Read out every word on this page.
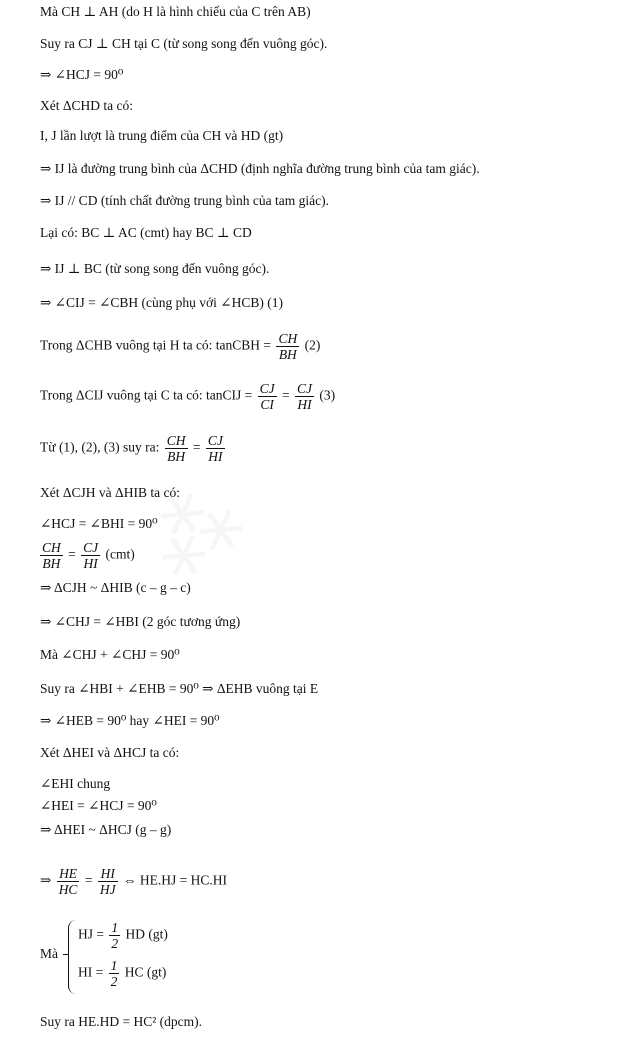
Mà CH ⊥ AH (do H là hình chiếu của C trên AB)
Suy ra CJ ⊥ CH tại C (từ song song đến vuông góc).
⇒ ∠HCJ = 90⁰
Xét ΔCHD ta có:
I, J lần lượt là trung điểm của CH và HD (gt)
⇒ IJ là đường trung bình của ΔCHD (định nghĩa đường trung bình của tam giác).
⇒ IJ // CD (tính chất đường trung bình của tam giác).
Lại có: BC ⊥ AC (cmt) hay BC ⊥ CD
⇒ IJ ⊥ BC (từ song song đến vuông góc).
⇒ ∠CIJ = ∠CBH (cùng phụ với ∠HCB) (1)
Trong ΔCHB vuông tại H ta có: tanCBH = $\frac{CH}{BH} (2)$
Trong ΔCIJ vuông tại C ta có: tanCIJ = $\frac{CJ}{CI} = \frac{CJ}{HI} (3)$
Từ (1), (2), (3) suy ra: $\frac{CH}{BH} = \frac{CJ}{HI}$
Xét ΔCJH và ΔHIB ta có:
∠HCJ = ∠BHI = 90⁰
$\frac{CH}{BH} = \frac{CJ}{HI} (cmt)$
⇒ ΔCJH ~ ΔHIB (c – g – c)
⇒ ∠CHJ = ∠HBI (2 góc tương ứng)
Mà ∠CHJ + ∠CHJ = 90⁰
Suy ra ∠HBI + ∠EHB = 90⁰ ⇒ ΔEHB vuông tại E
⇒ ∠HEB = 90⁰ hay ∠HEI = 90⁰
Xét ΔHEI và ΔHCJ ta có:
∠EHI chung
∠HEI = ∠HCJ = 90⁰
⇒ ΔHEI ~ ΔHCJ (g – g)
⇒ $\frac{HE}{HC} = \frac{HI}{HJ}$ ⇔ HE.HJ = HC.HI
Mà
HJ = $\frac{1}{2}$ HD (gt)
HI = $\frac{1}{2}$ HC (gt)
Suy ra HE.HD = HC² (dpcm).
